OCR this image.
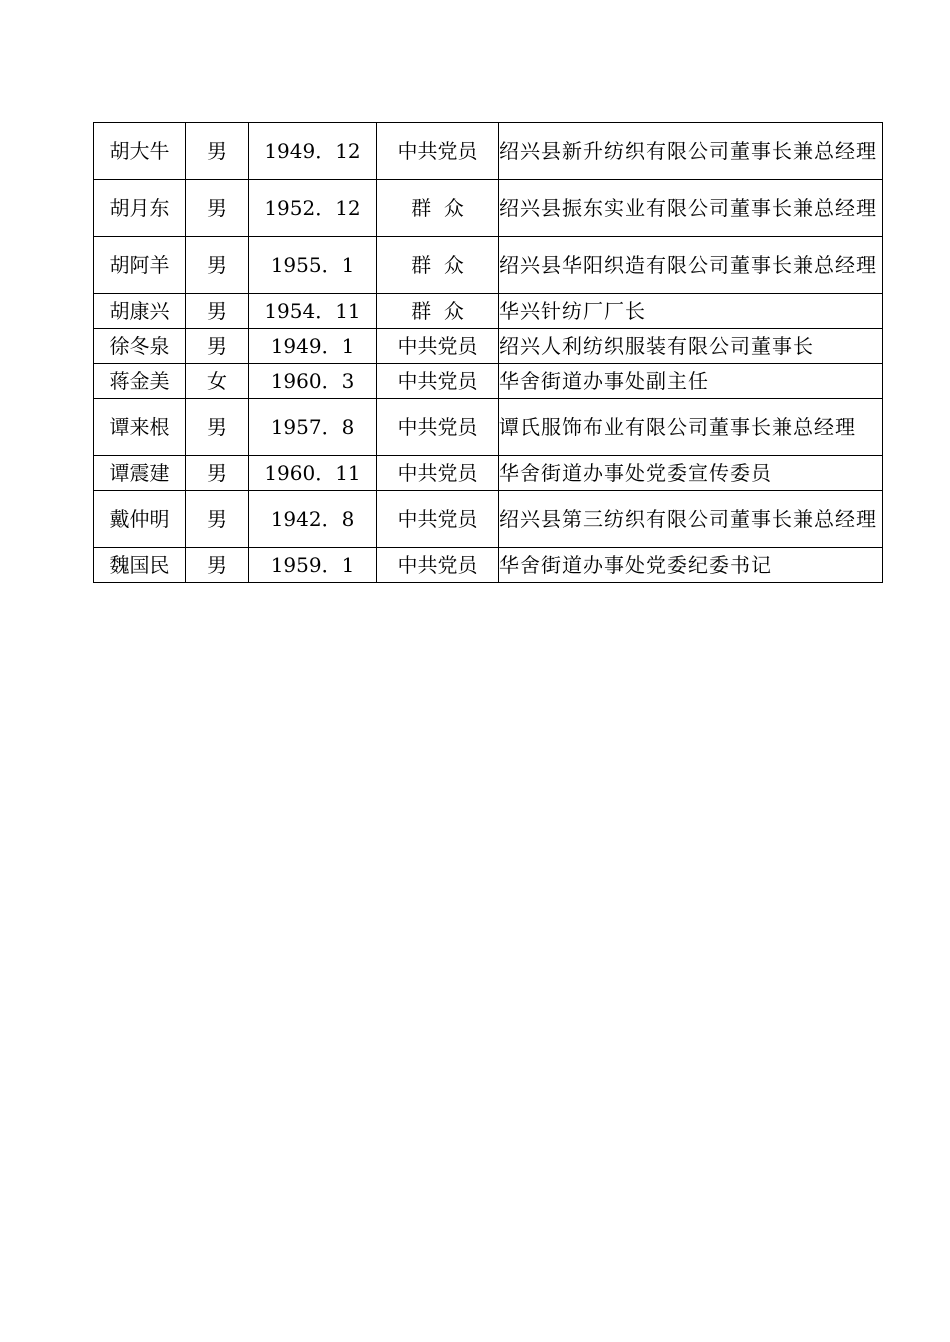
胡大牛	男	1949．12	中共党员	绍兴县新升纺织有限公司董事长兼总经理
胡月东	男	1952．12	群  众	绍兴县振东实业有限公司董事长兼总经理
胡阿羊	男	1955．1	群  众	绍兴县华阳织造有限公司董事长兼总经理
胡康兴	男	1954．11	群  众	华兴针纺厂厂长
徐冬泉	男	1949．1	中共党员	绍兴人利纺织服装有限公司董事长
蒋金美	女	1960．3	中共党员	华舍街道办事处副主任
谭来根	男	1957．8	中共党员	谭氏服饰布业有限公司董事长兼总经理
谭震建	男	1960．11	中共党员	华舍街道办事处党委宣传委员
戴仲明	男	1942．8	中共党员	绍兴县第三纺织有限公司董事长兼总经理
魏国民	男	1959．1	中共党员	华舍街道办事处党委纪委书记
